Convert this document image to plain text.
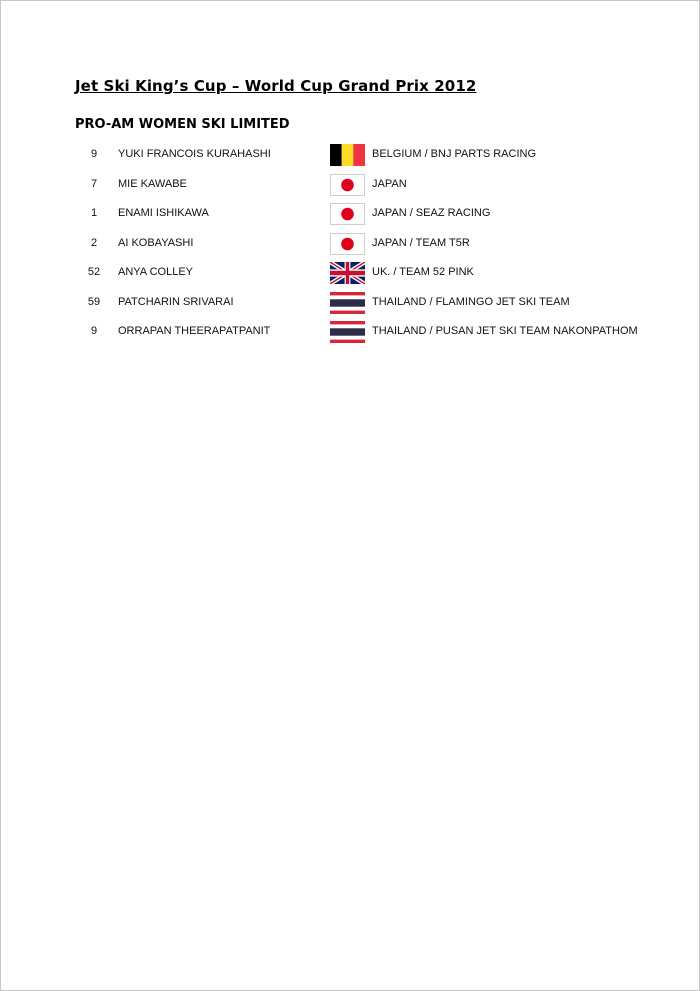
Jet Ski King’s Cup – World Cup Grand Prix 2012
PRO-AM WOMEN SKI LIMITED
9	YUKI FRANCOIS KURAHASHI	BELGIUM / BNJ PARTS RACING
7	MIE KAWABE	JAPAN
1	ENAMI ISHIKAWA	JAPAN / SEAZ RACING
2	AI KOBAYASHI	JAPAN / TEAM T5R
52	ANYA COLLEY	UK. / TEAM 52 PINK
59	PATCHARIN SRIVARAI	THAILAND / FLAMINGO JET SKI TEAM
9	ORRAPAN THEERAPATPANIT	THAILAND / PUSAN JET SKI TEAM NAKONPATHOM
